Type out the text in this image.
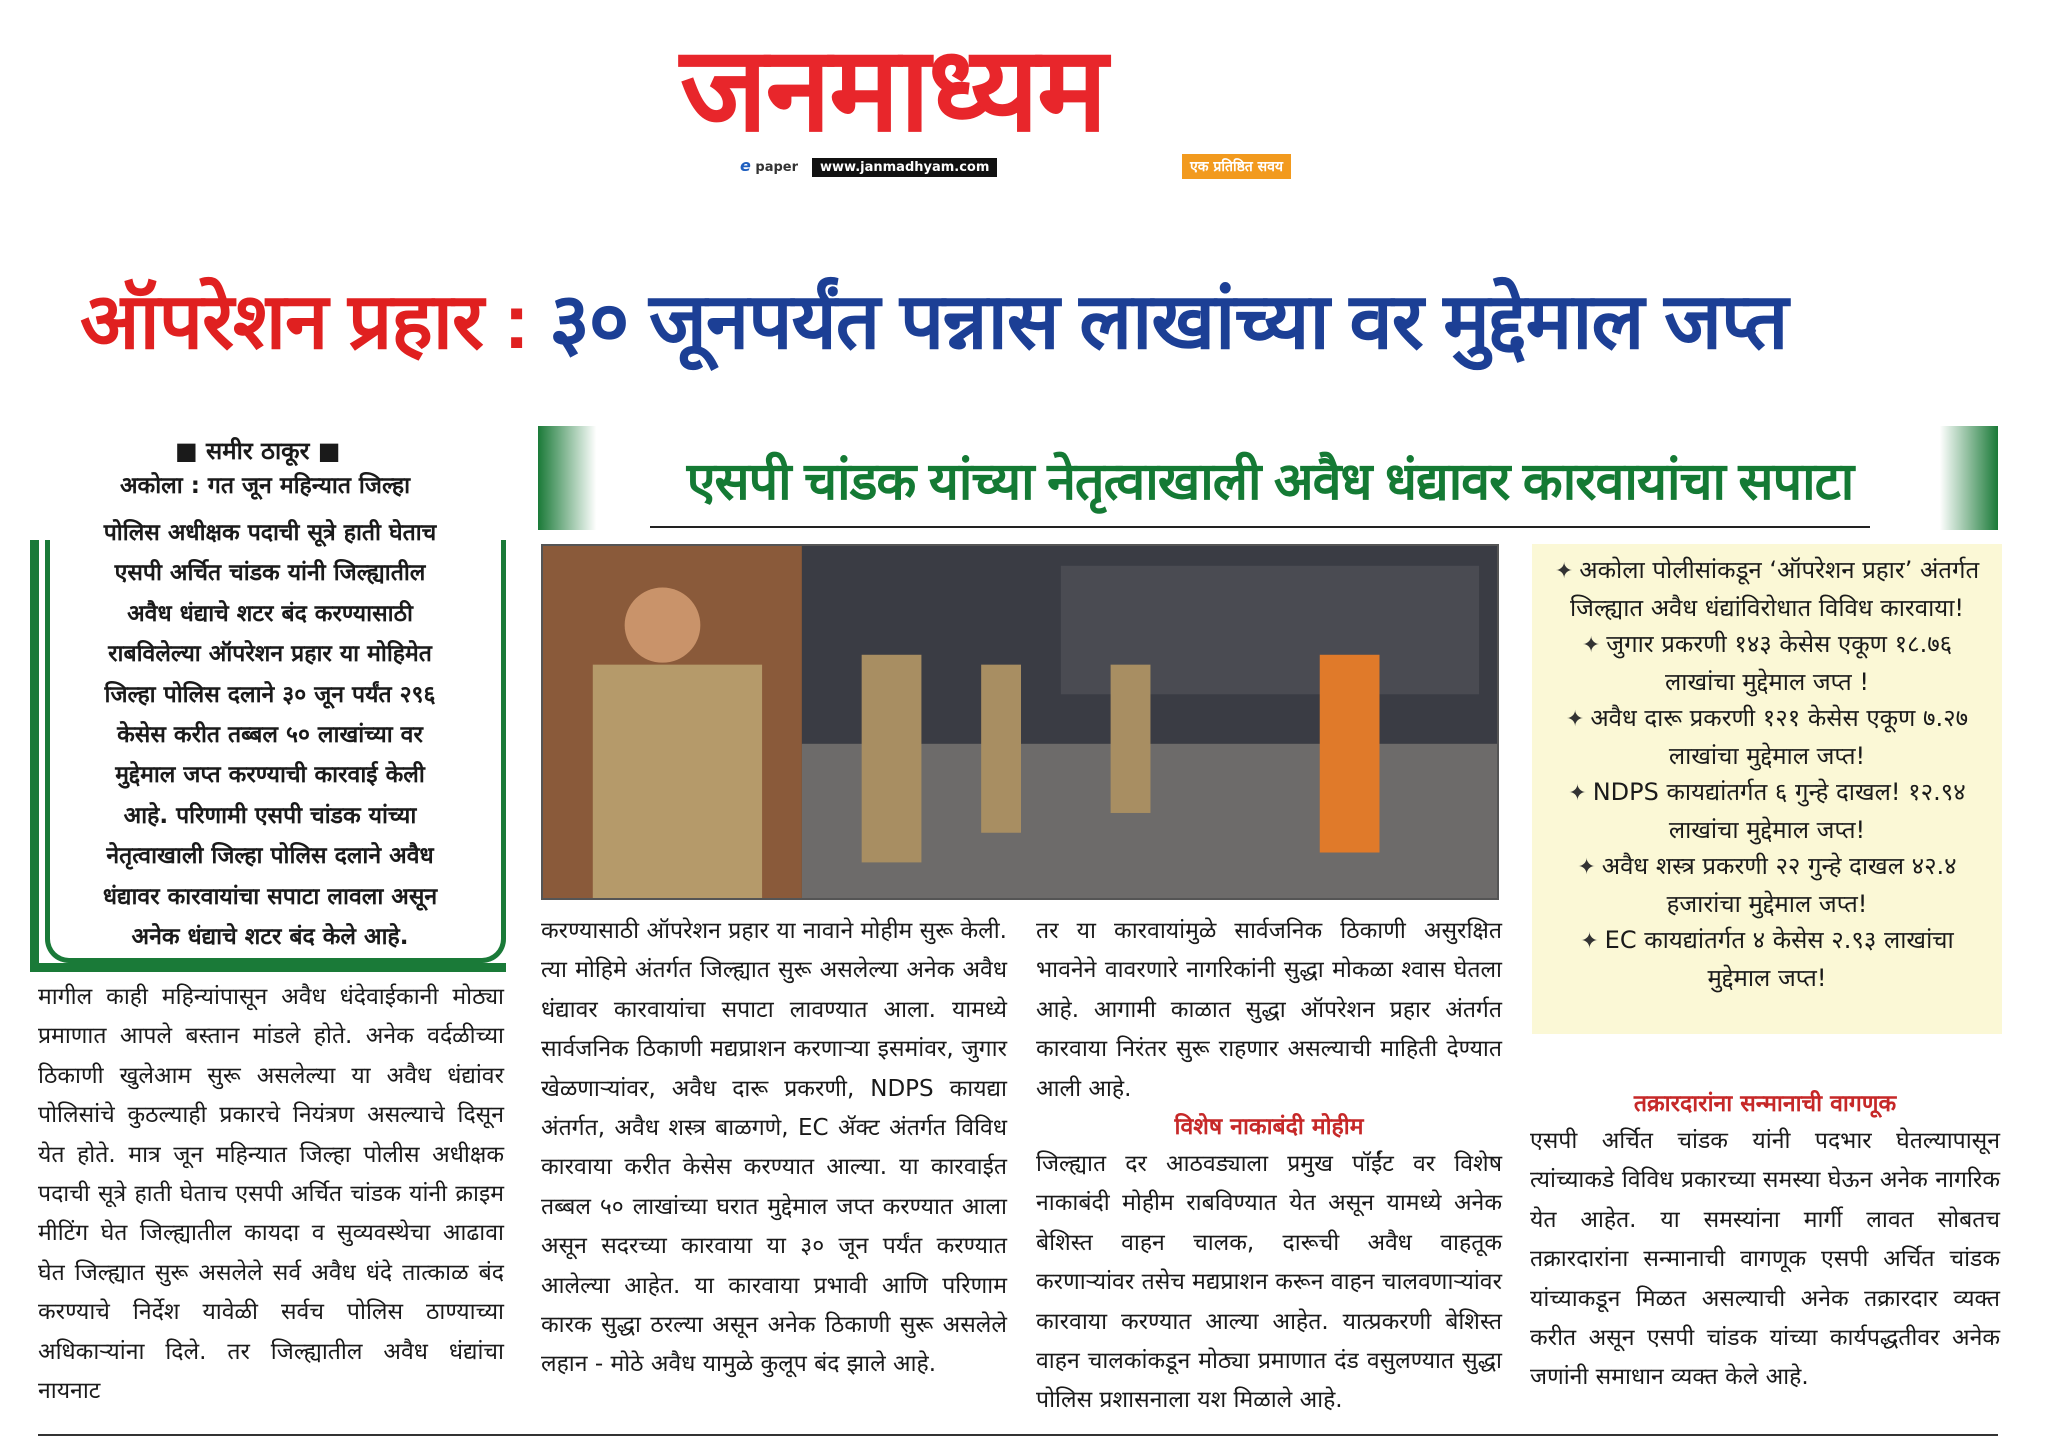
जनमाध्यम
e paper	www.janmadhyam.com	एक प्रतिष्ठित सवय
ऑपरेशन प्रहार : ३० जूनपर्यंत पन्नास लाखांच्या वर मुद्देमाल जप्त
■ समीर ठाकूर ■
अकोला : गत जून महिन्यात जिल्हा
पोलिस अधीक्षक पदाची सूत्रे हाती घेताच
एसपी अर्चित चांडक यांनी जिल्ह्यातील
अवैध धंद्याचे शटर बंद करण्यासाठी
राबविलेल्या ऑपरेशन प्रहार या मोहिमेत
जिल्हा पोलिस दलाने ३० जून पर्यंत २९६
केसेस करीत तब्बल ५० लाखांच्या वर
मुद्देमाल जप्त करण्याची कारवाई केली
आहे. परिणामी एसपी चांडक यांच्या
नेतृत्वाखाली जिल्हा पोलिस दलाने अवैध
धंद्यावर कारवायांचा सपाटा लावला असून
अनेक धंद्याचे शटर बंद केले आहे.
एसपी चांडक यांच्या नेतृत्वाखाली अवैध धंद्यावर कारवायांचा सपाटा

✦ अकोला पोलीसांकडून ‘ऑपरेशन प्रहार’ अंतर्गत जिल्ह्यात अवैध धंद्यांविरोधात विविध कारवाया!

✦ जुगार प्रकरणी १४३ केसेस एकूण १८.७६ लाखांचा मुद्देमाल जप्त !

✦ अवैध दारू प्रकरणी १२१ केसेस एकूण ७.२७ लाखांचा मुद्देमाल जप्त!

✦ NDPS कायद्यांतर्गत ६ गुन्हे दाखल! १२.९४ लाखांचा मुद्देमाल जप्त!

✦ अवैध शस्त्र प्रकरणी २२ गुन्हे दाखल ४२.४ हजारांचा मुद्देमाल जप्त!

✦ EC कायद्यांतर्गत ४ केसेस २.९३ लाखांचा मुद्देमाल जप्त!

मागील काही महिन्यांपासून अवैध धंदेवाईकानी मोठ्या प्रमाणात आपले बस्तान मांडले होते. अनेक वर्दळीच्या ठिकाणी खुलेआम सुरू असलेल्या या अवैध धंद्यांवर पोलिसांचे कुठल्याही प्रकारचे नियंत्रण असल्याचे दिसून येत होते. मात्र जून महिन्यात जिल्हा पोलीस अधीक्षक पदाची सूत्रे हाती घेताच एसपी अर्चित चांडक यांनी क्राइम मीटिंग घेत जिल्ह्यातील कायदा व सुव्यवस्थेचा आढावा घेत जिल्ह्यात सुरू असलेले सर्व अवैध धंदे तात्काळ बंद करण्याचे निर्देश यावेळी सर्वच पोलिस ठाण्याच्या अधिकाऱ्यांना दिले. तर जिल्ह्यातील अवैध धंद्यांचा नायनाट

करण्यासाठी ऑपरेशन प्रहार या नावाने मोहीम सुरू केली. त्या मोहिमे अंतर्गत जिल्ह्यात सुरू असलेल्या अनेक अवैध धंद्यावर कारवायांचा सपाटा लावण्यात आला. यामध्ये सार्वजनिक ठिकाणी मद्यप्राशन करणाऱ्या इसमांवर, जुगार खेळणाऱ्यांवर, अवैध दारू प्रकरणी, NDPS कायद्या अंतर्गत, अवैध शस्त्र बाळगणे, EC ॲक्ट अंतर्गत विविध कारवाया करीत केसेस करण्यात आल्या. या कारवाईत तब्बल ५० लाखांच्या घरात मुद्देमाल जप्त करण्यात आला असून सदरच्या कारवाया या ३० जून पर्यंत करण्यात आलेल्या आहेत. या कारवाया प्रभावी आणि परिणाम कारक सुद्धा ठरल्या असून अनेक ठिकाणी सुरू असलेले लहान - मोठे अवैध यामुळे कुलूप बंद झाले आहे.

तर या कारवायांमुळे सार्वजनिक ठिकाणी असुरक्षित भावनेने वावरणारे नागरिकांनी सुद्धा मोकळा श्वास घेतला आहे. आगामी काळात सुद्धा ऑपरेशन प्रहार अंतर्गत कारवाया निरंतर सुरू राहणार असल्याची माहिती देण्यात आली आहे.

विशेष नाकाबंदी मोहीम

जिल्ह्यात दर आठवड्याला प्रमुख पॉईंट वर विशेष नाकाबंदी मोहीम राबविण्यात येत असून यामध्ये अनेक बेशिस्त वाहन चालक, दारूची अवैध वाहतूक करणाऱ्यांवर तसेच मद्यप्राशन करून वाहन चालवणाऱ्यांवर कारवाया करण्यात आल्या आहेत. यात्प्रकरणी बेशिस्त वाहन चालकांकडून मोठ्या प्रमाणात दंड वसुलण्यात सुद्धा पोलिस प्रशासनाला यश मिळाले आहे.

तक्रारदारांना सन्मानाची वागणूक

एसपी अर्चित चांडक यांनी पदभार घेतल्यापासून त्यांच्याकडे विविध प्रकारच्या समस्या घेऊन अनेक नागरिक येत आहेत. या समस्यांना मार्गी लावत सोबतच तक्रारदारांना सन्मानाची वागणूक एसपी अर्चित चांडक यांच्याकडून मिळत असल्याची अनेक तक्रारदार व्यक्त करीत असून एसपी चांडक यांच्या कार्यपद्धतीवर अनेक जणांनी समाधान व्यक्त केले आहे.
